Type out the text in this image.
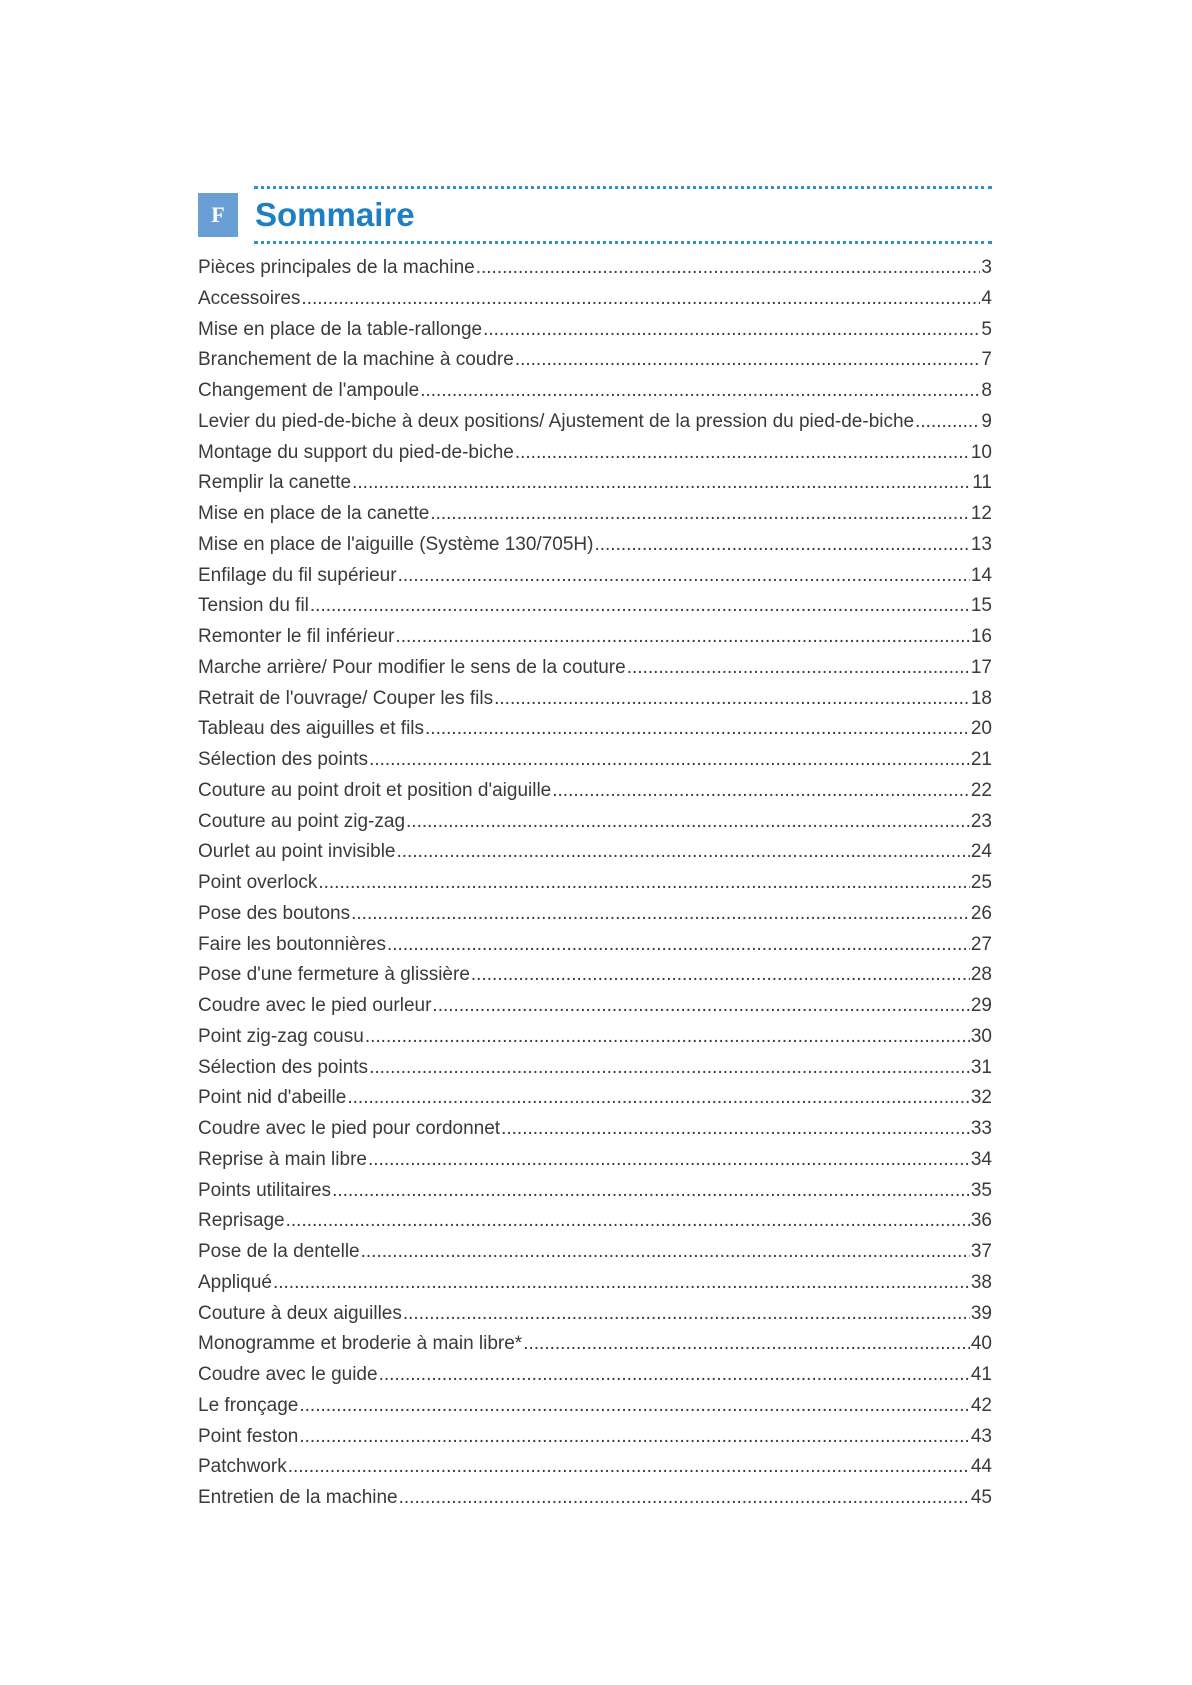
F Sommaire
Pièces principales de la machine .....	3
Accessoires .....	4
Mise en place de la table-rallonge .....	5
Branchement de la machine à coudre .....	7
Changement de l'ampoule .....	8
Levier du pied-de-biche à deux positions/ Ajustement de la pression du pied-de-biche .....	9
Montage du support du pied-de-biche .....	10
Remplir la canette .....	11
Mise en place de la canette .....	12
Mise en place de l'aiguille (Système 130/705H) .....	13
Enfilage du fil supérieur .....	14
Tension du fil .....	15
Remonter le fil inférieur .....	16
Marche arrière/ Pour modifier le sens de la couture .....	17
Retrait de l'ouvrage/ Couper les fils .....	18
Tableau des aiguilles et fils .....	20
Sélection des points .....	21
Couture au point droit et position d'aiguille .....	22
Couture au point zig-zag .....	23
Ourlet au point invisible .....	24
Point overlock .....	25
Pose des boutons .....	26
Faire les boutonnières .....	27
Pose d'une fermeture à glissière .....	28
Coudre avec le pied ourleur .....	29
Point zig-zag cousu .....	30
Sélection des points .....	31
Point nid d'abeille .....	32
Coudre avec le pied pour cordonnet .....	33
Reprise à main libre .....	34
Points utilitaires .....	35
Reprisage .....	36
Pose de la dentelle .....	37
Appliqué .....	38
Couture à deux aiguilles .....	39
Monogramme et broderie à main libre* .....	40
Coudre avec le guide .....	41
Le fronçage .....	42
Point feston .....	43
Patchwork .....	44
Entretien de la machine .....	45
